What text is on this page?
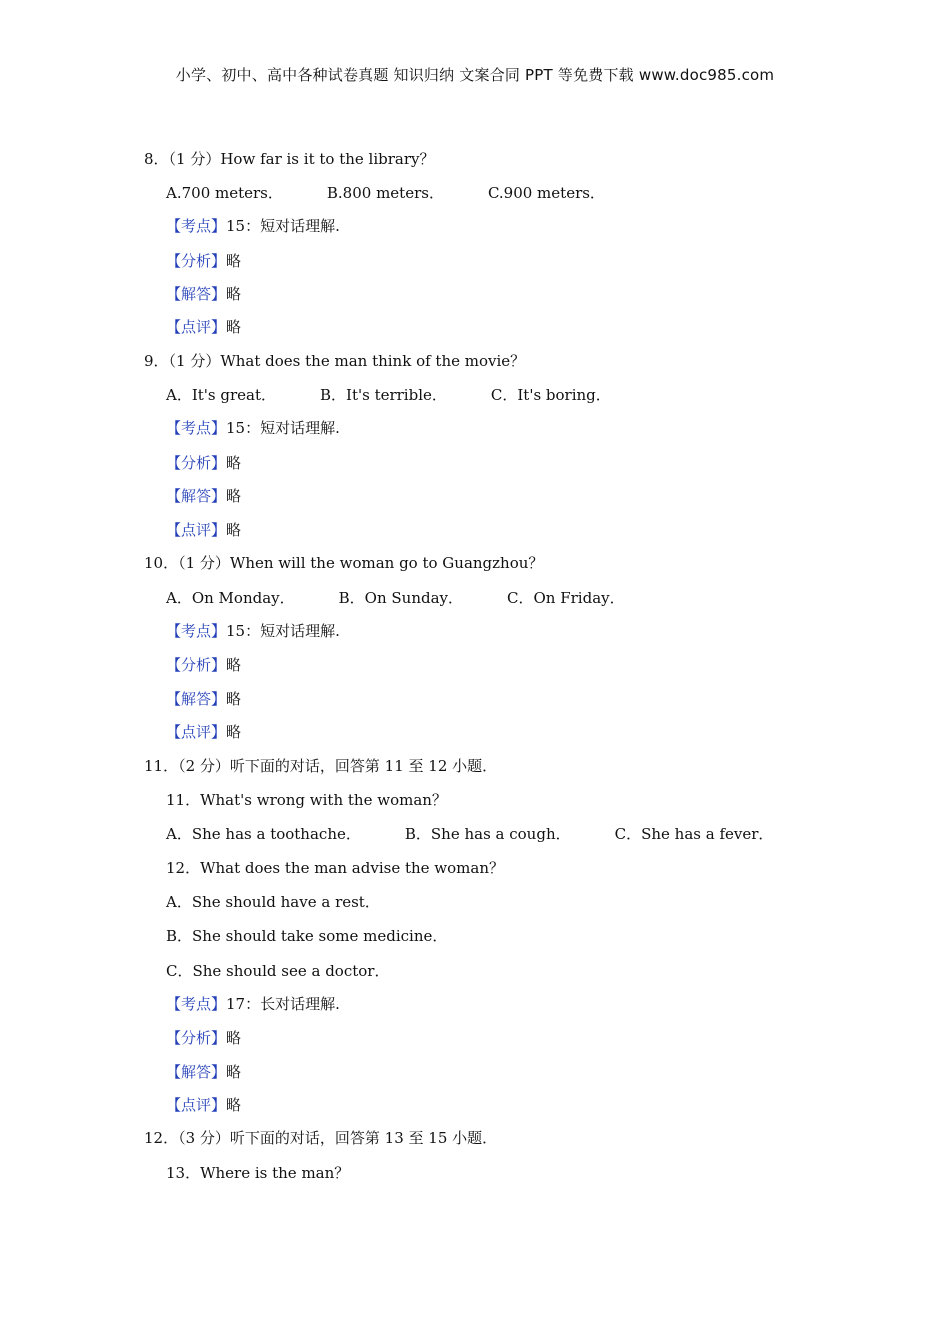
小学、初中、高中各种试卷真题 知识归纳 文案合同 PPT 等免费下载 www.doc985.com
8．（1 分）How far is it to the library？
A.700 meters．	B.800 meters．	C.900 meters．
【考点】15：短对话理解.
【分析】略
【解答】略
【点评】略
9．（1 分）What does the man think of the movie？
A．It's great．	B．It's terrible．	C．It's boring．
【考点】15：短对话理解.
【分析】略
【解答】略
【点评】略
10．（1 分）When will the woman go to Guangzhou？
A．On Monday．	B．On Sunday．	C．On Friday．
【考点】15：短对话理解.
【分析】略
【解答】略
【点评】略
11．（2 分）听下面的对话，回答第 11 至 12 小题．
11．What's wrong with the woman？
A．She has a toothache．	B．She has a cough．	C．She has a fever．
12．What does the man advise the woman？
A．She should have a rest．
B．She should take some medicine．
C．She should see a doctor．
【考点】17：长对话理解.
【分析】略
【解答】略
【点评】略
12．（3 分）听下面的对话，回答第 13 至 15 小题．
13．Where is the man？
